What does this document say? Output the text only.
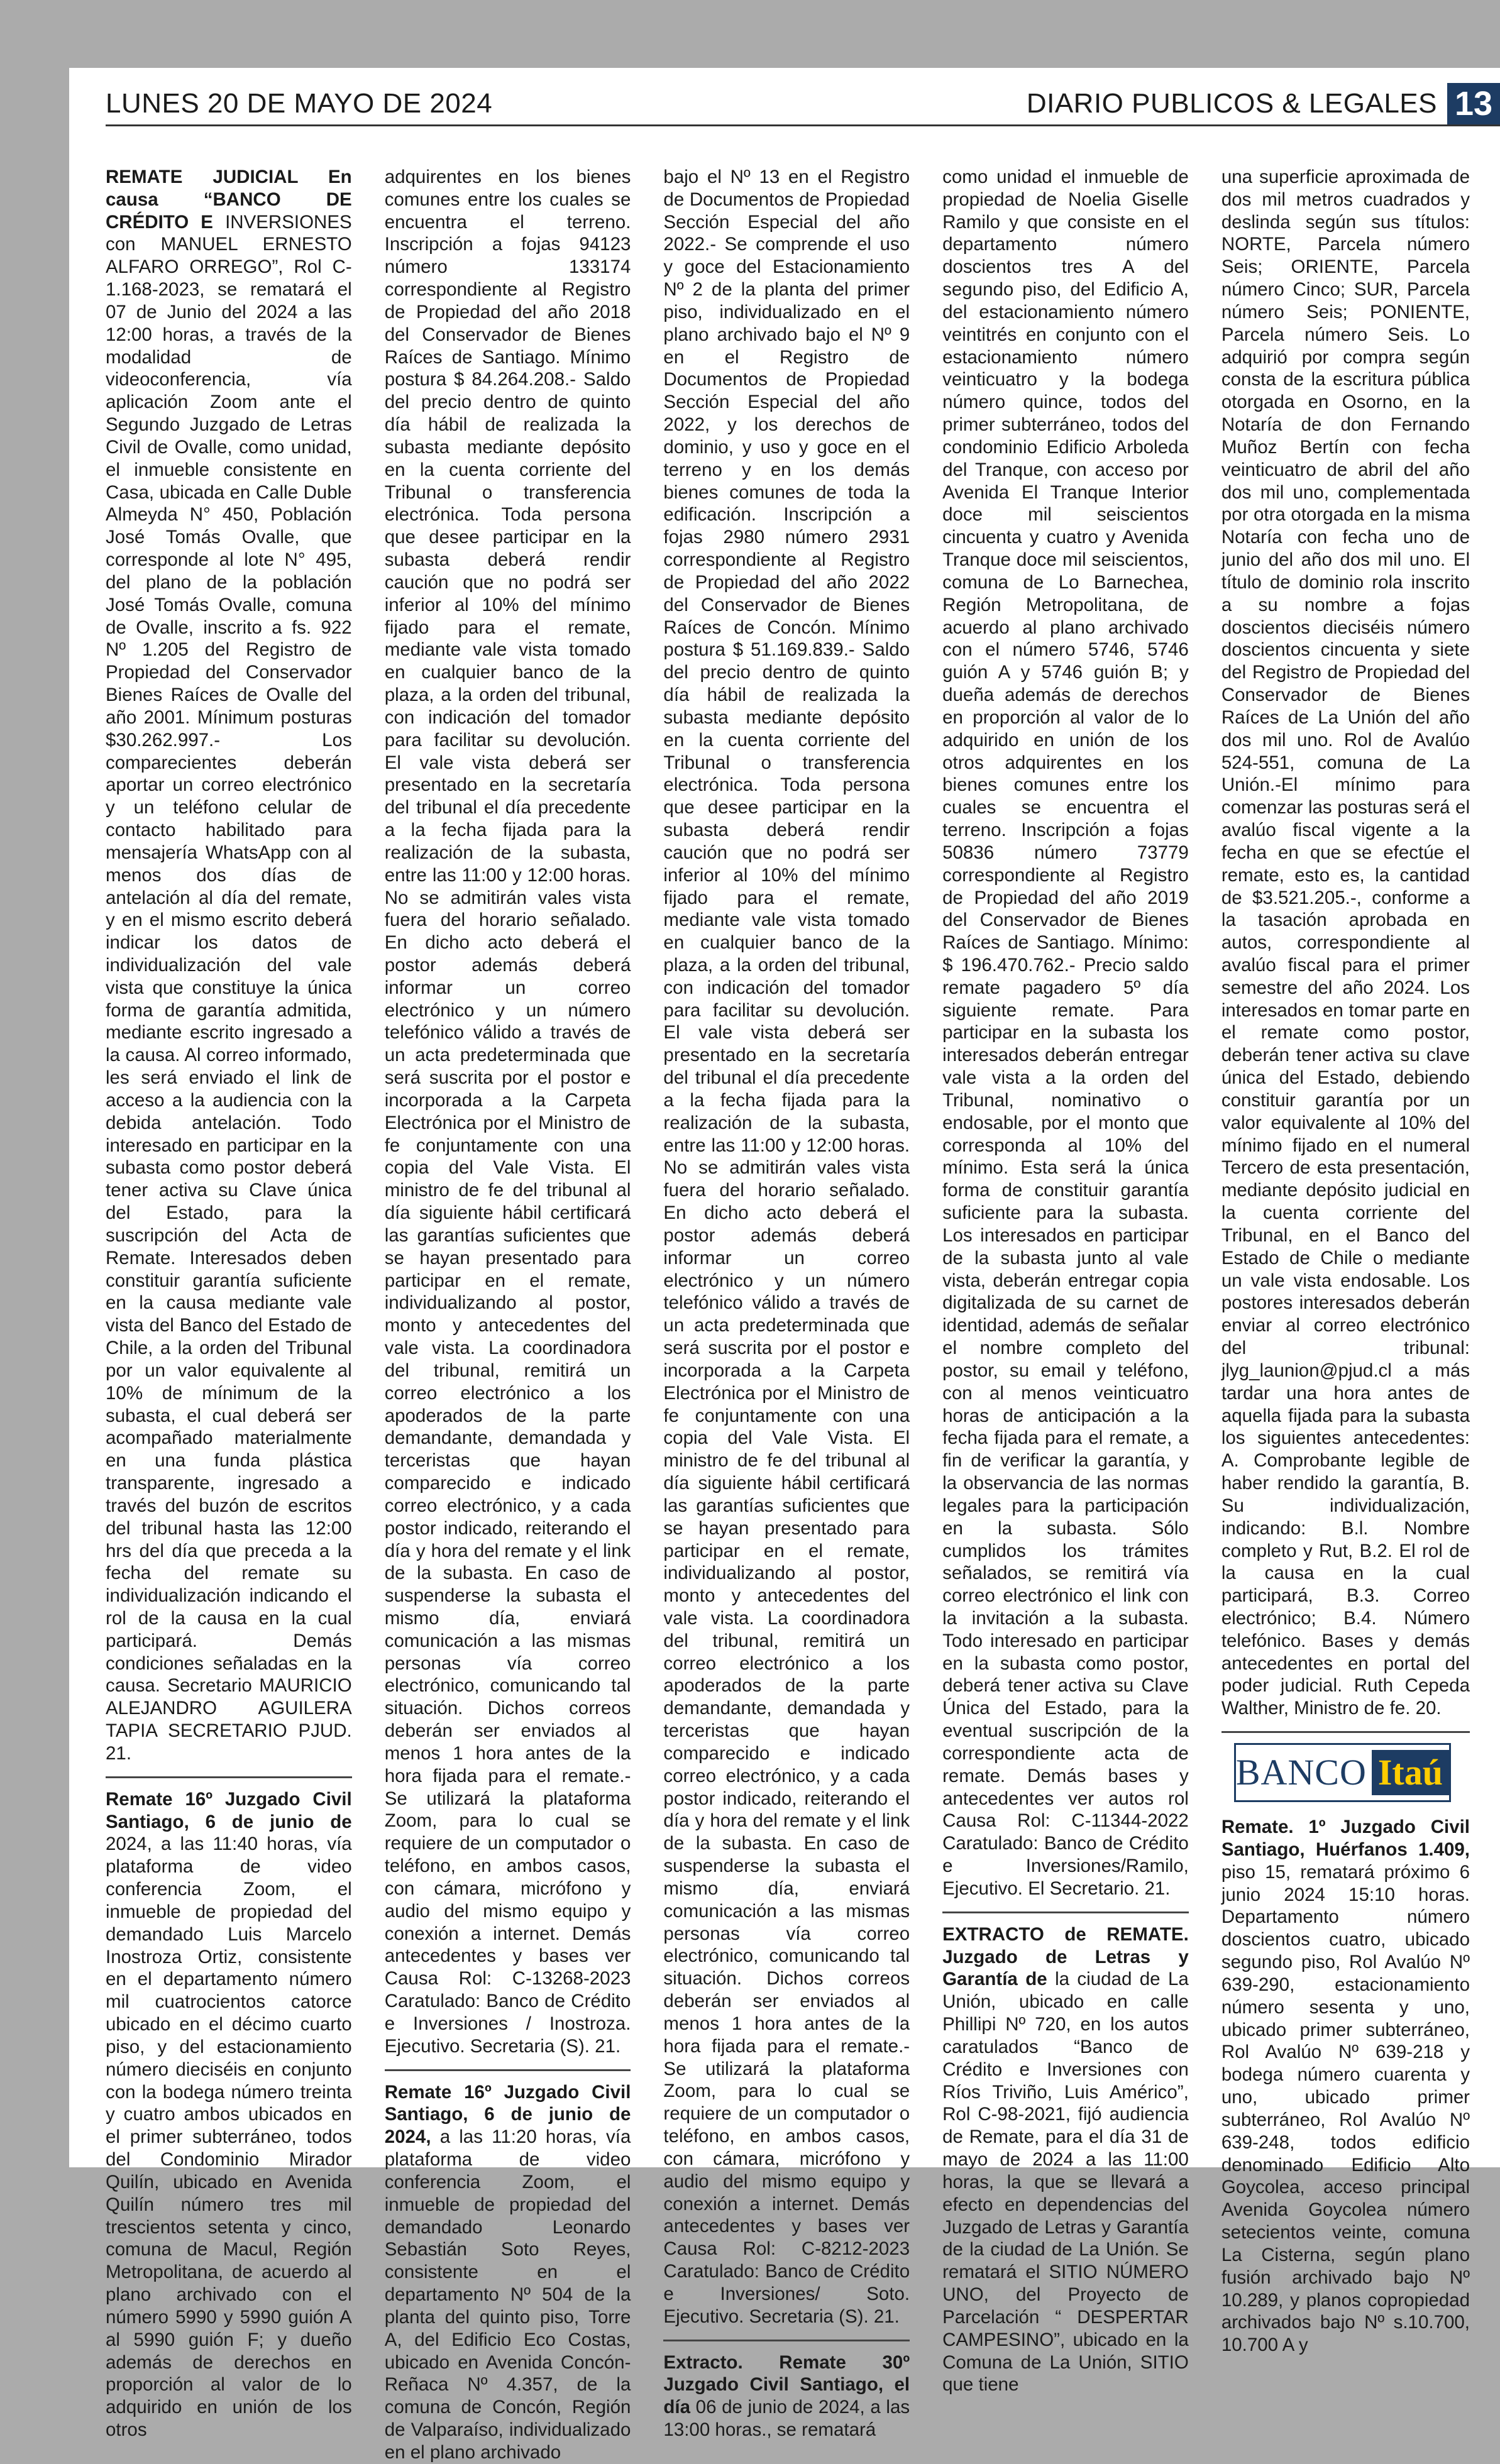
LUNES 20 DE MAYO DE 2024	DIARIO PUBLICOS & LEGALES 13

REMATE JUDICIAL En causa “BANCO DE CRÉDITO E INVERSIONES con MANUEL ERNESTO ALFARO ORREGO”, Rol C-1.168-2023, se rematará el 07 de Junio del 2024 a las 12:00 horas, a través de la modalidad de videoconferencia, vía aplicación Zoom ante el Segundo Juzgado de Letras Civil de Ovalle, como unidad, el inmueble consistente en Casa, ubicada en Calle Duble Almeyda N° 450, Población José Tomás Ovalle, que corresponde al lote N° 495, del plano de la población José Tomás Ovalle, comuna de Ovalle, inscrito a fs. 922 Nº 1.205 del Registro de Propiedad del Conservador Bienes Raíces de Ovalle del año 2001. Mínimum posturas $30.262.997.- Los comparecientes deberán aportar un correo electrónico y un teléfono celular de contacto habilitado para mensajería WhatsApp con al menos dos días de antelación al día del remate, y en el mismo escrito deberá indicar los datos de individualización del vale vista que constituye la única forma de garantía admitida, mediante escrito ingresado a la causa. Al correo informado, les será enviado el link de acceso a la audiencia con la debida antelación. Todo interesado en participar en la subasta como postor deberá tener activa su Clave única del Estado, para la suscripción del Acta de Remate. Interesados deben constituir garantía suficiente en la causa mediante vale vista del Banco del Estado de Chile, a la orden del Tribunal por un valor equivalente al 10% de mínimum de la subasta, el cual deberá ser acompañado materialmente en una funda plástica transparente, ingresado a través del buzón de escritos del tribunal hasta las 12:00 hrs del día que preceda a la fecha del remate su individualización indicando el rol de la causa en la cual participará. Demás condiciones señaladas en la causa. Secretario MAURICIO ALEJANDRO AGUILERA TAPIA SECRETARIO PJUD. 21.

Remate 16º Juzgado Civil Santiago, 6 de junio de 2024, a las 11:40 horas, vía plataforma de video conferencia Zoom, el inmueble de propiedad del demandado Luis Marcelo Inostroza Ortiz, consistente en el departamento número mil cuatrocientos catorce ubicado en el décimo cuarto piso, y del estacionamiento número dieciséis en conjunto con la bodega número treinta y cuatro ambos ubicados en el primer subterráneo, todos del Condominio Mirador Quilín, ubicado en Avenida Quilín número tres mil trescientos setenta y cinco, comuna de Macul, Región Metropolitana, de acuerdo al plano archivado con el número 5990 y 5990 guión A al 5990 guión F; y dueño además de derechos en proporción al valor de lo adquirido en unión de los otros

adquirentes en los bienes comunes entre los cuales se encuentra el terreno. Inscripción a fojas 94123 número 133174 correspondiente al Registro de Propiedad del año 2018 del Conservador de Bienes Raíces de Santiago. Mínimo postura $ 84.264.208.- Saldo del precio dentro de quinto día hábil de realizada la subasta mediante depósito en la cuenta corriente del Tribunal o transferencia electrónica. Toda persona que desee participar en la subasta deberá rendir caución que no podrá ser inferior al 10% del mínimo fijado para el remate, mediante vale vista tomado en cualquier banco de la plaza, a la orden del tribunal, con indicación del tomador para facilitar su devolución. El vale vista deberá ser presentado en la secretaría del tribunal el día precedente a la fecha fijada para la realización de la subasta, entre las 11:00 y 12:00 horas. No se admitirán vales vista fuera del horario señalado. En dicho acto deberá el postor además deberá informar un correo electrónico y un número telefónico válido a través de un acta predeterminada que será suscrita por el postor e incorporada a la Carpeta Electrónica por el Ministro de fe conjuntamente con una copia del Vale Vista. El ministro de fe del tribunal al día siguiente hábil certificará las garantías suficientes que se hayan presentado para participar en el remate, individualizando al postor, monto y antecedentes del vale vista. La coordinadora del tribunal, remitirá un correo electrónico a los apoderados de la parte demandante, demandada y terceristas que hayan comparecido e indicado correo electrónico, y a cada postor indicado, reiterando el día y hora del remate y el link de la subasta. En caso de suspenderse la subasta el mismo día, enviará comunicación a las mismas personas vía correo electrónico, comunicando tal situación. Dichos correos deberán ser enviados al menos 1 hora antes de la hora fijada para el remate.- Se utilizará la plataforma Zoom, para lo cual se requiere de un computador o teléfono, en ambos casos, con cámara, micrófono y audio del mismo equipo y conexión a internet. Demás antecedentes y bases ver Causa Rol: C-13268-2023 Caratulado: Banco de Crédito e Inversiones / Inostroza. Ejecutivo. Secretaria (S). 21.

Remate 16º Juzgado Civil Santiago, 6 de junio de 2024, a las 11:20 horas, vía plataforma de video conferencia Zoom, el inmueble de propiedad del demandado Leonardo Sebastián Soto Reyes, consistente en el departamento Nº 504 de la planta del quinto piso, Torre A, del Edificio Eco Costas, ubicado en Avenida Concón- Reñaca Nº 4.357, de la comuna de Concón, Región de Valparaíso, individualizado en el plano archivado

bajo el Nº 13 en el Registro de Documentos de Propiedad Sección Especial del año 2022.- Se comprende el uso y goce del Estacionamiento Nº 2 de la planta del primer piso, individualizado en el plano archivado bajo el Nº 9 en el Registro de Documentos de Propiedad Sección Especial del año 2022, y los derechos de dominio, y uso y goce en el terreno y en los demás bienes comunes de toda la edificación. Inscripción a fojas 2980 número 2931 correspondiente al Registro de Propiedad del año 2022 del Conservador de Bienes Raíces de Concón. Mínimo postura $ 51.169.839.- Saldo del precio dentro de quinto día hábil de realizada la subasta mediante depósito en la cuenta corriente del Tribunal o transferencia electrónica. Toda persona que desee participar en la subasta deberá rendir caución que no podrá ser inferior al 10% del mínimo fijado para el remate, mediante vale vista tomado en cualquier banco de la plaza, a la orden del tribunal, con indicación del tomador para facilitar su devolución. El vale vista deberá ser presentado en la secretaría del tribunal el día precedente a la fecha fijada para la realización de la subasta, entre las 11:00 y 12:00 horas. No se admitirán vales vista fuera del horario señalado. En dicho acto deberá el postor además deberá informar un correo electrónico y un número telefónico válido a través de un acta predeterminada que será suscrita por el postor e incorporada a la Carpeta Electrónica por el Ministro de fe conjuntamente con una copia del Vale Vista. El ministro de fe del tribunal al día siguiente hábil certificará las garantías suficientes que se hayan presentado para participar en el remate, individualizando al postor, monto y antecedentes del vale vista. La coordinadora del tribunal, remitirá un correo electrónico a los apoderados de la parte demandante, demandada y terceristas que hayan comparecido e indicado correo electrónico, y a cada postor indicado, reiterando el día y hora del remate y el link de la subasta. En caso de suspenderse la subasta el mismo día, enviará comunicación a las mismas personas vía correo electrónico, comunicando tal situación. Dichos correos deberán ser enviados al menos 1 hora antes de la hora fijada para el remate.- Se utilizará la plataforma Zoom, para lo cual se requiere de un computador o teléfono, en ambos casos, con cámara, micrófono y audio del mismo equipo y conexión a internet. Demás antecedentes y bases ver Causa Rol: C-8212-2023 Caratulado: Banco de Crédito e Inversiones/ Soto. Ejecutivo. Secretaria (S). 21.

Extracto. Remate 30º Juzgado Civil Santiago, el día 06 de junio de 2024, a las 13:00 horas., se rematará

como unidad el inmueble de propiedad de Noelia Giselle Ramilo y que consiste en el departamento número doscientos tres A del segundo piso, del Edificio A, del estacionamiento número veintitrés en conjunto con el estacionamiento número veinticuatro y la bodega número quince, todos del primer subterráneo, todos del condominio Edificio Arboleda del Tranque, con acceso por Avenida El Tranque Interior doce mil seiscientos cincuenta y cuatro y Avenida Tranque doce mil seiscientos, comuna de Lo Barnechea, Región Metropolitana, de acuerdo al plano archivado con el número 5746, 5746 guión A y 5746 guión B; y dueña además de derechos en proporción al valor de lo adquirido en unión de los otros adquirentes en los bienes comunes entre los cuales se encuentra el terreno. Inscripción a fojas 50836 número 73779 correspondiente al Registro de Propiedad del año 2019 del Conservador de Bienes Raíces de Santiago. Mínimo: $ 196.470.762.- Precio saldo remate pagadero 5º día siguiente remate. Para participar en la subasta los interesados deberán entregar vale vista a la orden del Tribunal, nominativo o endosable, por el monto que corresponda al 10% del mínimo. Esta será la única forma de constituir garantía suficiente para la subasta. Los interesados en participar de la subasta junto al vale vista, deberán entregar copia digitalizada de su carnet de identidad, además de señalar el nombre completo del postor, su email y teléfono, con al menos veinticuatro horas de anticipación a la fecha fijada para el remate, a fin de verificar la garantía, y la observancia de las normas legales para la participación en la subasta. Sólo cumplidos los trámites señalados, se remitirá vía correo electrónico el link con la invitación a la subasta. Todo interesado en participar en la subasta como postor, deberá tener activa su Clave Única del Estado, para la eventual suscripción de la correspondiente acta de remate. Demás bases y antecedentes ver autos rol Causa Rol: C-11344-2022 Caratulado: Banco de Crédito e Inversiones/Ramilo, Ejecutivo. El Secretario. 21.

EXTRACTO de REMATE. Juzgado de Letras y Garantía de la ciudad de La Unión, ubicado en calle Phillipi Nº 720, en los autos caratulados “Banco de Crédito e Inversiones con Ríos Triviño, Luis Américo”, Rol C-98-2021, fijó audiencia de Remate, para el día 31 de mayo de 2024 a las 11:00 horas, la que se llevará a efecto en dependencias del Juzgado de Letras y Garantía de la ciudad de La Unión. Se rematará el SITIO NÚMERO UNO, del Proyecto de Parcelación “ DESPERTAR CAMPESINO”, ubicado en la Comuna de La Unión, SITIO que tiene

una superficie aproximada de dos mil metros cuadrados y deslinda según sus títulos: NORTE, Parcela número Seis; ORIENTE, Parcela número Cinco; SUR, Parcela número Seis; PONIENTE, Parcela número Seis. Lo adquirió por compra según consta de la escritura pública otorgada en Osorno, en la Notaría de don Fernando Muñoz Bertín con fecha veinticuatro de abril del año dos mil uno, complementada por otra otorgada en la misma Notaría con fecha uno de junio del año dos mil uno. El título de dominio rola inscrito a su nombre a fojas doscientos dieciséis número doscientos cincuenta y siete del Registro de Propiedad del Conservador de Bienes Raíces de La Unión del año dos mil uno. Rol de Avalúo 524-551, comuna de La Unión.-El mínimo para comenzar las posturas será el avalúo fiscal vigente a la fecha en que se efectúe el remate, esto es, la cantidad de $3.521.205.-, conforme a la tasación aprobada en autos, correspondiente al avalúo fiscal para el primer semestre del año 2024. Los interesados en tomar parte en el remate como postor, deberán tener activa su clave única del Estado, debiendo constituir garantía por un valor equivalente al 10% del mínimo fijado en el numeral Tercero de esta presentación, mediante depósito judicial en la cuenta corriente del Tribunal, en el Banco del Estado de Chile o mediante un vale vista endosable. Los postores interesados deberán enviar al correo electrónico del tribunal: jlyg_launion@pjud.cl a más tardar una hora antes de aquella fijada para la subasta los siguientes antecedentes: A. Comprobante legible de haber rendido la garantía, B. Su individualización, indicando: B.l. Nombre completo y Rut, B.2. El rol de la causa en la cual participará, B.3. Correo electrónico; B.4. Número telefónico. Bases y demás antecedentes en portal del poder judicial. Ruth Cepeda Walther, Ministro de fe. 20.

BANCO Itaú

Remate. 1º Juzgado Civil Santiago, Huérfanos 1.409, piso 15, rematará próximo 6 junio 2024 15:10 horas. Departamento número doscientos cuatro, ubicado segundo piso, Rol Avalúo Nº 639-290, estacionamiento número sesenta y uno, ubicado primer subterráneo, Rol Avalúo Nº 639-218 y bodega número cuarenta y uno, ubicado primer subterráneo, Rol Avalúo Nº 639-248, todos edificio denominado Edificio Alto Goycolea, acceso principal Avenida Goycolea número setecientos veinte, comuna La Cisterna, según plano fusión archivado bajo Nº 10.289, y planos copropiedad archivados bajo Nº s.10.700, 10.700 A y
